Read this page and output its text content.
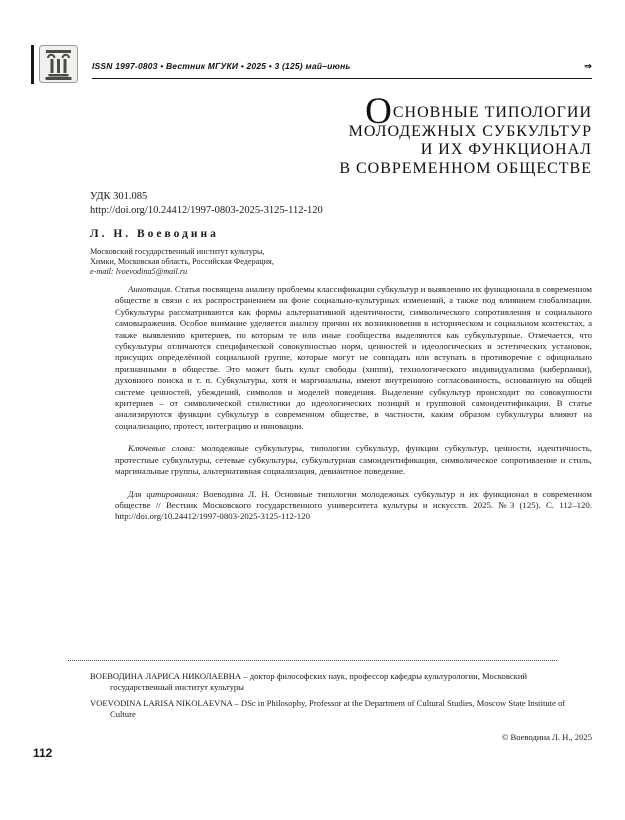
ISSN 1997-0803 • Вестник МГУКИ • 2025 • 3 (125) май–июнь	⇒
ОСНОВНЫЕ ТИПОЛОГИИ
МОЛОДЕЖНЫХ СУБКУЛЬТУР
И ИХ ФУНКЦИОНАЛ
В СОВРЕМЕННОМ ОБЩЕСТВЕ
УДК 301.085
http://doi.org/10.24412/1997-0803-2025-3125-112-120
Л. Н. Воеводина
Московский государственный институт культуры,
Химки, Московская область, Российская Федерация,
e-mail: lvoevodina5@mail.ru

Аннотация. Статья посвящена анализу проблемы классификации субкультур и выявлению их функционала в современном обществе в связи с их распространением на фоне социально-культурных изменений, а также под влиянием глобализации. Субкультуры рассматриваются как формы альтернативной идентичности, символического сопротивления и социального самовыражения. Особое внимание уделяется анализу причин их возникновения в историческом и социальном контекстах, а также выявлению критериев, по которым те или иные сообщества выделяются как субкультурные. Отмечается, что субкультуры отличаются специфической совокупностью норм, ценностей и идеологических и эстетических установок, присущих определённой социальной группе, которые могут не совпадать или вступать в противоречие с официально признанными в обществе. Это может быть культ свободы (хиппи), технологического индивидуализма (киберпанки), духовного поиска и т. п. Субкультуры, хотя и маргинальны, имеют внутреннюю согласованность, основанную на общей системе ценностей, убеждений, символов и моделей поведения. Выделение субкультур происходит по совокупности критериев – от символической стилистики до идеологических позиций и групповой самоидентификации. В статье анализируются функции субкультур в современном обществе, в частности, каким образом субкультуры влияют на социализацию, протест, интеграцию и инновации.

Ключевые слова: молодежные субкультуры, типологии субкультур, функции субкультур, ценности, идентичность, протестные субкультуры, сетевые субкультуры, субкультурная самоидентификация, символическое сопротивление и стиль, маргинальные группы, альтернативная социализация, девиантное поведение.

Для цитирования: Воеводина Л. Н. Основные типологии молодежных субкультур и их функционал в современном обществе // Вестник Московского государственного университета культуры и искусств. 2025. №3 (125). С. 112–120. http://doi.org/10.24412/1997-0803-2025-3125-112-120

ВОЕВОДИНА ЛАРИСА НИКОЛАЕВНА – доктор философских наук, профессор кафедры культурологии, Московский государственный институт культуры

VOEVODINA LARISA NIKOLAEVNA – DSc in Philosophy, Professor at the Department of Cultural Studies, Moscow State Institute of Culture

© Воеводина Л. Н., 2025
112
